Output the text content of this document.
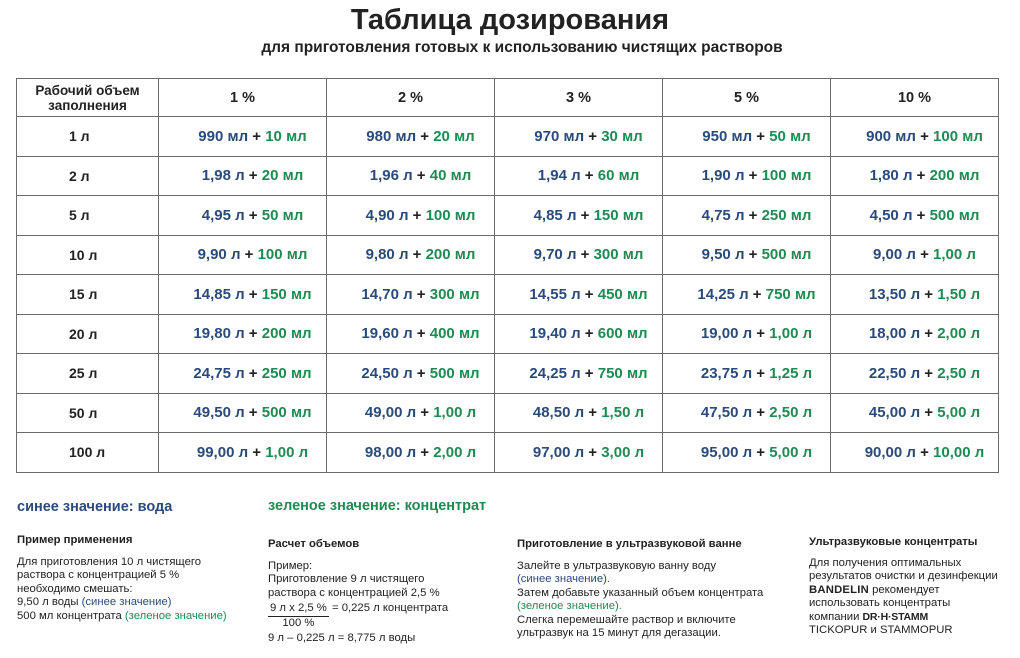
Таблица дозирования
для приготовления готовых к использованию чистящих растворов
Рабочий объем заполнения	1 %	2 %	3 %	5 %	10 %
1 л	990 мл + 10 мл	980 мл + 20 мл	970 мл + 30 мл	950 мл + 50 мл	900 мл + 100 мл
2 л	1,98 л + 20 мл	1,96 л + 40 мл	1,94 л + 60 мл	1,90 л + 100 мл	1,80 л + 200 мл
5 л	4,95 л + 50 мл	4,90 л + 100 мл	4,85 л + 150 мл	4,75 л + 250 мл	4,50 л + 500 мл
10 л	9,90 л + 100 мл	9,80 л + 200 мл	9,70 л + 300 мл	9,50 л + 500 мл	9,00 л + 1,00 л
15 л	14,85 л + 150 мл	14,70 л + 300 мл	14,55 л + 450 мл	14,25 л + 750 мл	13,50 л + 1,50 л
20 л	19,80 л + 200 мл	19,60 л + 400 мл	19,40 л + 600 мл	19,00 л + 1,00 л	18,00 л + 2,00 л
25 л	24,75 л + 250 мл	24,50 л + 500 мл	24,25 л + 750 мл	23,75 л + 1,25 л	22,50 л + 2,50 л
50 л	49,50 л + 500 мл	49,00 л + 1,00 л	48,50 л + 1,50 л	47,50 л + 2,50 л	45,00 л + 5,00 л
100 л	99,00 л + 1,00 л	98,00 л + 2,00 л	97,00 л + 3,00 л	95,00 л + 5,00 л	90,00 л + 10,00 л
синее значение: вода	зеленое значение: концентрат
Пример применения
Для приготовления 10 л чистящего
раствора с концентрацией 5 %
необходимо смешать:
9,50 л воды (синее значение)
500 мл концентрата (зеленое значение)
Расчет объемов
Пример:
Приготовление 9 л чистящего
раствора с концентрацией 2,5 %
$\frac{\text{9 л x 2,5 \%}}{100 \%} = 0,225$ л концентрата
9 л – 0,225 л = 8,775 л воды
Приготовление в ультразвуковой ванне
Залейте в ультразвуковую ванну воду
(синее значение).
Затем добавьте указанный объем концентрата
(зеленое значение).
Слегка перемешайте раствор и включите
ультразвук на 15 минут для дегазации.
Ультразвуковые концентраты
Для получения оптимальных
результатов очистки и дезинфекции
BANDELIN рекомендует
использовать концентраты
компании DR·H·STAMM
TICKOPUR и STAMMOPUR
